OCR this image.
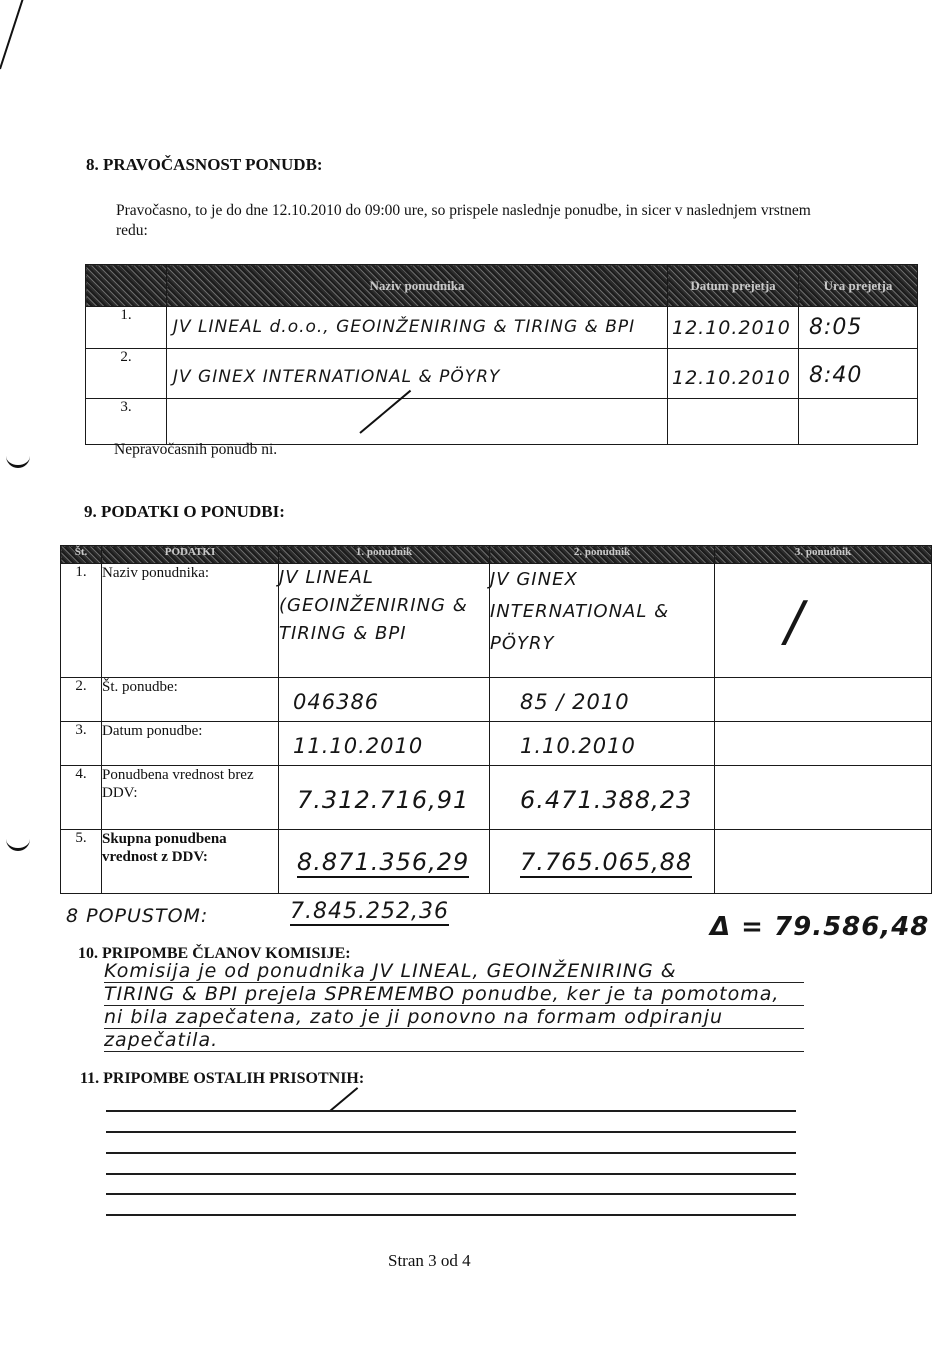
8. PRAVOČASNOST PONUDB:
Pravočasno, to je do dne 12.10.2010 do 09:00 ure, so prispele naslednje ponudbe, in sicer v naslednjem vrstnem redu:
	Naziv ponudnika	Datum prejetja	Ura prejetja
1.	JV LINEAL d.o.o., GEOINŽENIRING & TIRING & BPI	12.10.2010	8:05
2.	JV GINEX INTERNATIONAL & PÖYRY	12.10.2010	8:40
3.			
Nepravočasnih ponudb ni.
9. PODATKI O PONUDBI:
Št.	PODATKI	1. ponudnik	2. ponudnik	3. ponudnik
1.	Naziv ponudnika:	JV LINEAL (GEOINŽENIRING & TIRING & BPI	JV GINEX INTERNATIONAL & PÖYRY	/
2.	Št. ponudbe:	046386	85 / 2010	
3.	Datum ponudbe:	11.10.2010	1.10.2010	
4.	Ponudbena vrednost brez DDV:	7.312.716,91	6.471.388,23	
5.	Skupna ponudbena vrednost z DDV:	8.871.356,29	7.765.065,88	
8 POPUSTOM:	7.845.252,36
Δ = 79.586,48
10. PRIPOMBE ČLANOV KOMISIJE:
Komisija je od ponudnika JV LINEAL, GEOINŽENIRING &
TIRING & BPI prejela SPREMEMBO ponudbe, ker je ta pomotoma,
ni bila zapečatena, zato je ji ponovno na formam odpiranju
zapečatila.
11. PRIPOMBE OSTALIH PRISOTNIH:
Stran 3 od 4
